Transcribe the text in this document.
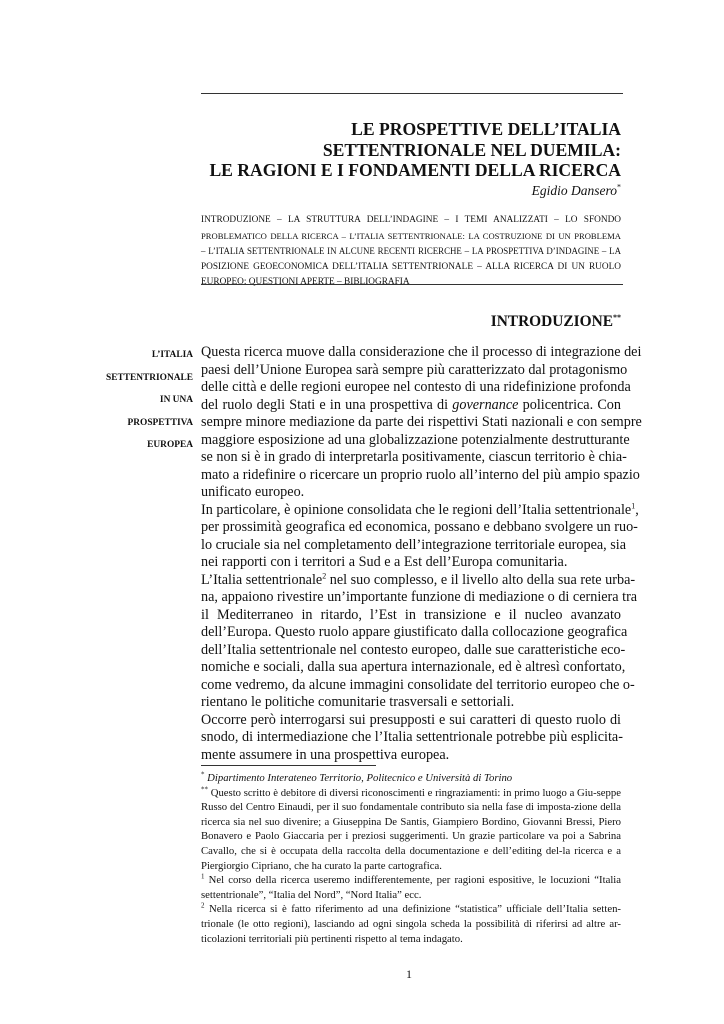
LE PROSPETTIVE DELL’ITALIA
SETTENTRIONALE NEL DUEMILA:
LE RAGIONI E I FONDAMENTI DELLA RICERCA
Egidio Dansero*
INTRODUZIONE – LA STRUTTURA DELL’INDAGINE – I TEMI ANALIZZATI – LO SFONDO
PROBLEMATICO DELLA RICERCA – L’ITALIA SETTENTRIONALE: LA COSTRUZIONE DI UN PROBLEMA
– L’ITALIA SETTENTRIONALE IN ALCUNE RECENTI RICERCHE – LA PROSPETTIVA D’INDAGINE – LA
POSIZIONE GEOECONOMICA DELL’ITALIA SETTENTRIONALE – ALLA RICERCA DI UN RUOLO
EUROPEO: QUESTIONI APERTE – BIBLIOGRAFIA
INTRODUZIONE**
L’ITALIA
SETTENTRIONALE
IN UNA
PROSPETTIVA
EUROPEA
Questa ricerca muove dalla considerazione che il processo di integrazione dei
paesi dell’Unione Europea sarà sempre più caratterizzato dal protagonismo
delle città e delle regioni europee nel contesto di una ridefinizione profonda
del ruolo degli Stati e in una prospettiva di governance policentrica. Con
sempre minore mediazione da parte dei rispettivi Stati nazionali e con sempre
maggiore esposizione ad una globalizzazione potenzialmente destrutturante
se non si è in grado di interpretarla positivamente, ciascun territorio è chia-
mato a ridefinire o ricercare un proprio ruolo all’interno del più ampio spazio
unificato europeo.
In particolare, è opinione consolidata che le regioni dell’Italia settentrionale$^1$,
per prossimità geografica ed economica, possano e debbano svolgere un ruo-
lo cruciale sia nel completamento dell’integrazione territoriale europea, sia
nei rapporti con i territori a Sud e a Est dell’Europa comunitaria.
L’Italia settentrionale$^2$ nel suo complesso, e il livello alto della sua rete urba-
na, appaiono rivestire un’importante funzione di mediazione o di cerniera tra
il Mediterraneo in ritardo, l’Est in transizione e il nucleo avanzato
dell’Europa. Questo ruolo appare giustificato dalla collocazione geografica
dell’Italia settentrionale nel contesto europeo, dalle sue caratteristiche eco-
nomiche e sociali, dalla sua apertura internazionale, ed è altresì confortato,
come vedremo, da alcune immagini consolidate del territorio europeo che o-
rientano le politiche comunitarie trasversali e settoriali.
Occorre però interrogarsi sui presupposti e sui caratteri di questo ruolo di
snodo, di intermediazione che l’Italia settentrionale potrebbe più esplicita-
mente assumere in una prospettiva europea.
* Dipartimento Interateneo Territorio, Politecnico e Università di Torino
** Questo scritto è debitore di diversi riconoscimenti e ringraziamenti: in primo luogo a Giu-seppe Russo del Centro Einaudi, per il suo fondamentale contributo sia nella fase di imposta-zione della ricerca sia nel suo divenire; a Giuseppina De Santis, Giampiero Bordino, Giovanni Bressi, Piero Bonavero e Paolo Giaccaria per i preziosi suggerimenti. Un grazie particolare va poi a Sabrina Cavallo, che si è occupata della raccolta della documentazione e dell’editing del-la ricerca e a Piergiorgio Cipriano, che ha curato la parte cartografica.
$^1$ Nel corso della ricerca useremo indifferentemente, per ragioni espositive, le locuzioni “Italia settentrionale”, “Italia del Nord”, “Nord Italia” ecc.
$^2$ Nella ricerca si è fatto riferimento ad una definizione “statistica” ufficiale dell’Italia setten-trionale (le otto regioni), lasciando ad ogni singola scheda la possibilità di riferirsi ad altre ar-ticolazioni territoriali più pertinenti rispetto al tema indagato.
1
